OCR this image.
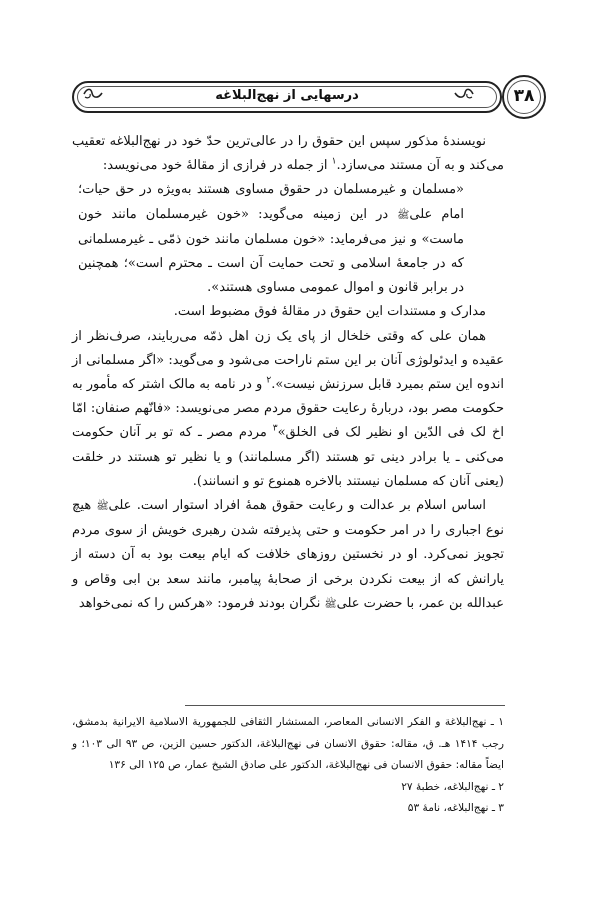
درسهایی از نهج‌البلاغه	۳۸

نویسندهٔ مذکور سپس این حقوق را در عالی‌ترین حدّ خود در نهج‌البلاغه تعقیب می‌کند و به آن مستند می‌سازد.$^۱$ از جمله در فرازی از مقالهٔ خود می‌نویسد:

«مسلمان و غیرمسلمان در حقوق مساوی هستند به‌ویژه در حق حیات؛ امام علیﷺ در این زمینه می‌گوید: «خون غیرمسلمان مانند خون ماست» و نیز می‌فرماید: «خون مسلمان مانند خون ذمّی ـ غیرمسلمانی که در جامعهٔ اسلامی و تحت حمایت آن است ـ محترم است»؛ همچنین در برابر قانون و اموال عمومی مساوی هستند».

مدارک و مستندات این حقوق در مقالهٔ فوق مضبوط است.

همان علی که وقتی خلخال از پای یک زن اهل ذمّه می‌ربایند، صرف‌نظر از عقیده و ایدئولوژی آنان بر این ستم ناراحت می‌شود و می‌گوید: «اگر مسلمانی از اندوه این ستم بمیرد قابل سرزنش نیست».$^۲$ و در نامه به مالک اشتر که مأمور به حکومت مصر بود، دربارهٔ رعایت حقوق مردم مصر می‌نویسد: «فانّهم صنفان: امّا اخ لک فی الدّین او نظیر لک فی الخلق»$^۳$ مردم مصر ـ که تو بر آنان حکومت می‌کنی ـ یا برادر دینی تو هستند (اگر مسلمانند) و یا نظیر تو هستند در خلقت (یعنی آنان که مسلمان نیستند بالاخره همنوع تو و انسانند).

اساس اسلام بر عدالت و رعایت حقوق همهٔ افراد استوار است. علیﷺ هیچ نوع اجباری را در امر حکومت و حتی پذیرفته شدن رهبری خویش از سوی مردم تجویز نمی‌کرد. او در نخستین روزهای خلافت که ایام بیعت بود به آن دسته از یارانش که از بیعت نکردن برخی از صحابهٔ پیامبر، مانند سعد بن ابی وقاص و عبدالله بن عمر، با حضرت علیﷺ نگران بودند فرمود: «هرکس را که نمی‌خواهد

۱ ـ نهج‌البلاغة و الفکر الانسانی المعاصر، المستشار الثقافی للجمهوریة الاسلامیة الایرانیة بدمشق، رجب ۱۴۱۴ هـ. ق، مقاله: حقوق الانسان فی نهج‌البلاغة، الدکتور حسین الزین، ص ۹۳ الی ۱۰۳؛ و ایضاً مقاله: حقوق الانسان فی نهج‌البلاغة، الدکتور علی صادق الشیخ عمار، ص ۱۲۵ الی ۱۳۶

۲ ـ نهج‌البلاغه، خطبهٔ ۲۷

۳ ـ نهج‌البلاغه، نامهٔ ۵۳
